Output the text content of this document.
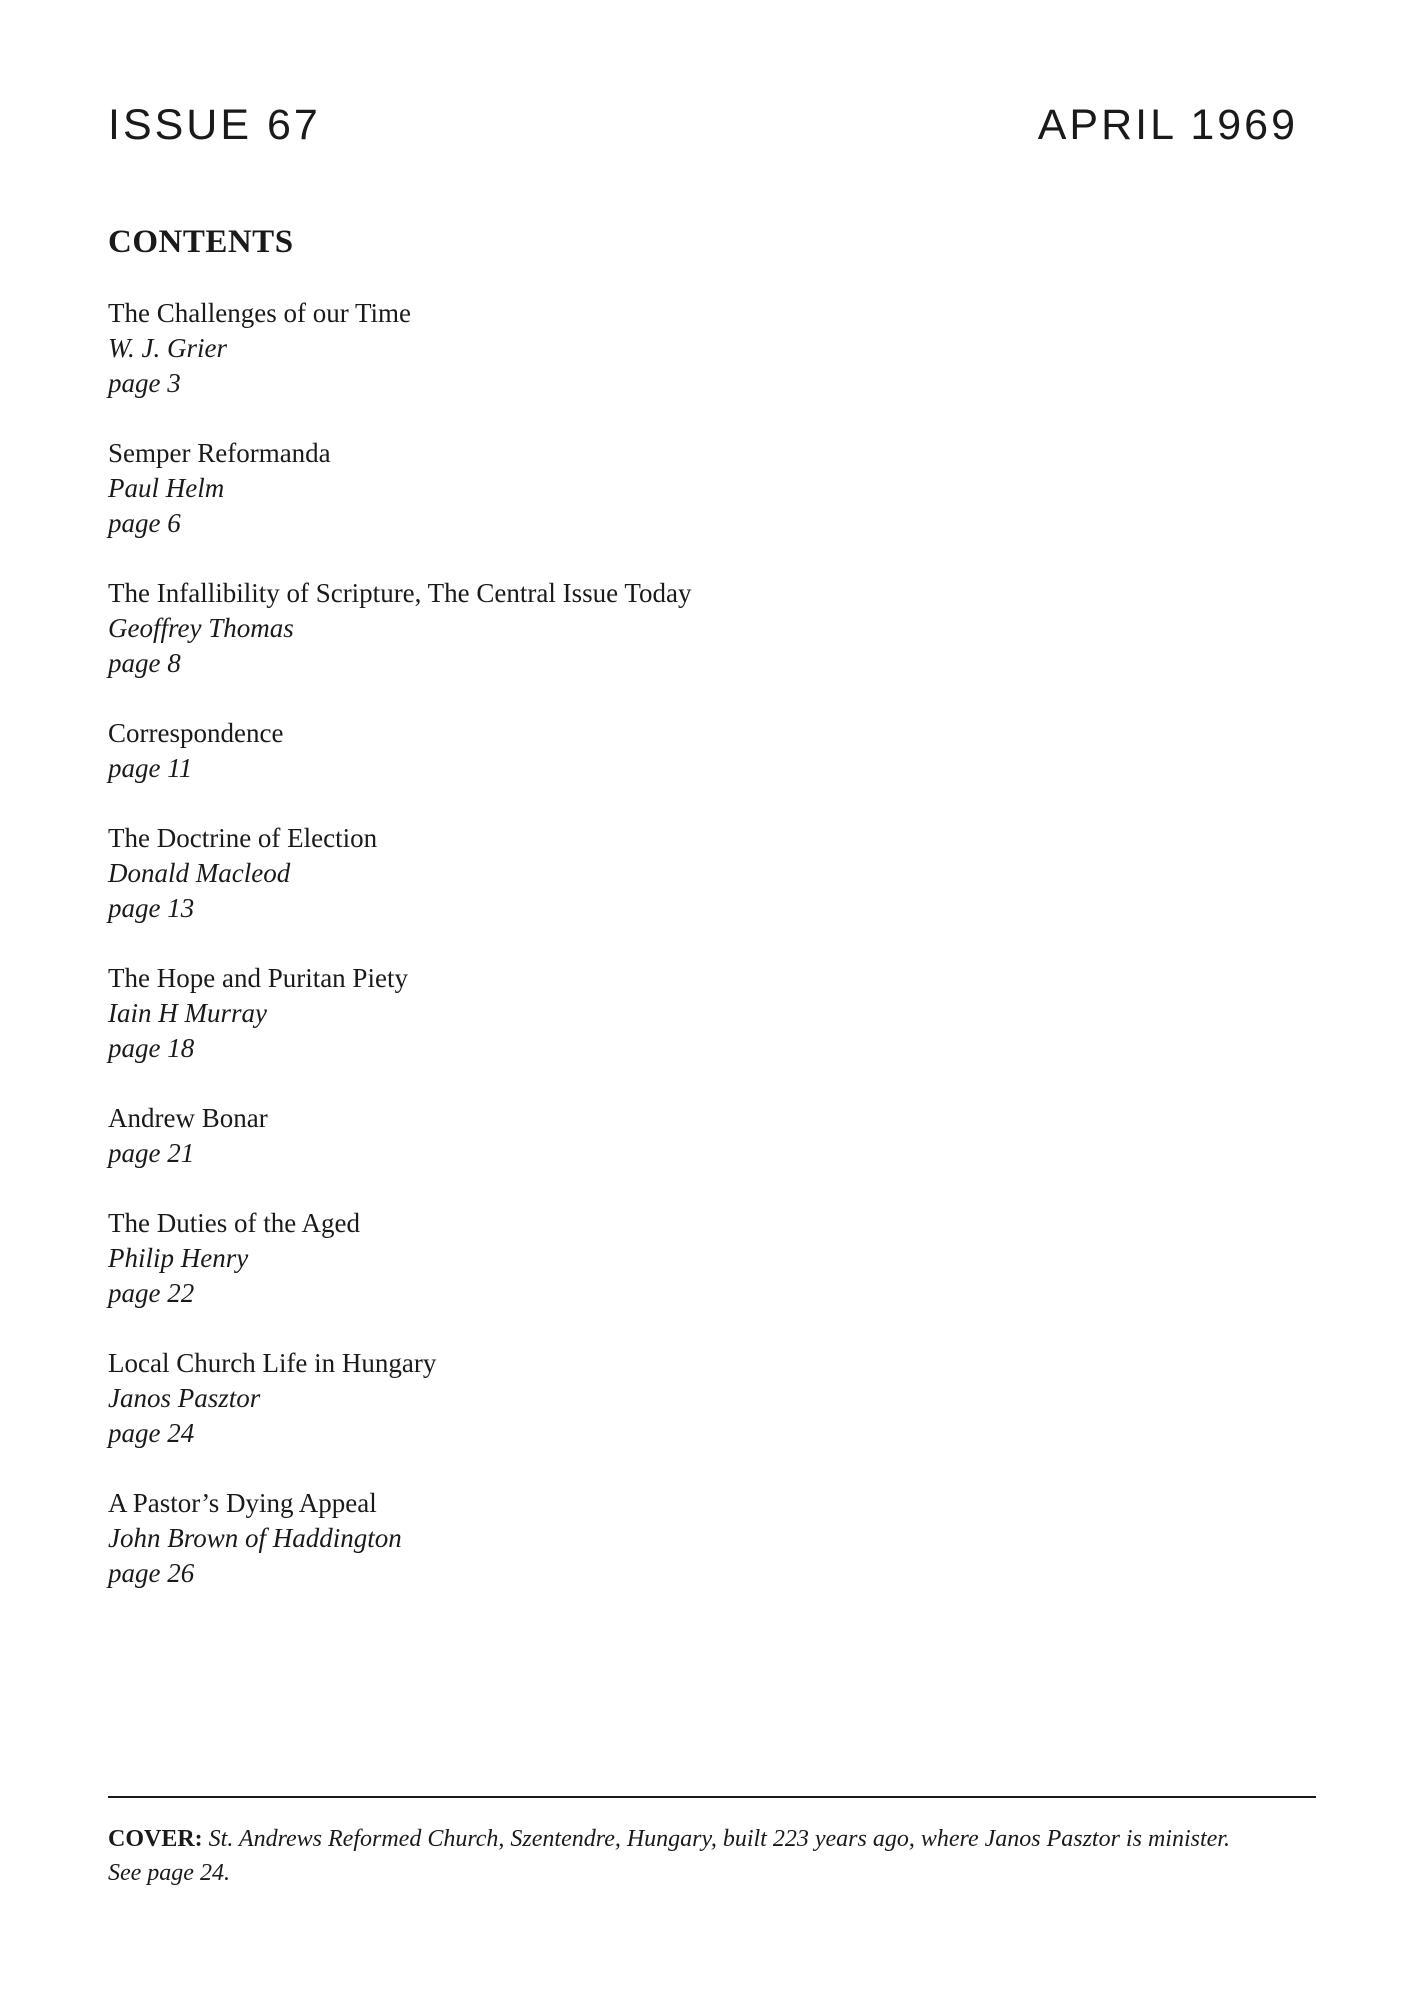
ISSUE 67	APRIL 1969
CONTENTS
The Challenges of our Time
W. J. Grier
page 3
Semper Reformanda
Paul Helm
page 6
The Infallibility of Scripture, The Central Issue Today
Geoffrey Thomas
page 8
Correspondence
page 11
The Doctrine of Election
Donald Macleod
page 13
The Hope and Puritan Piety
Iain H Murray
page 18
Andrew Bonar
page 21
The Duties of the Aged
Philip Henry
page 22
Local Church Life in Hungary
Janos Pasztor
page 24
A Pastor’s Dying Appeal
John Brown of Haddington
page 26

COVER: St. Andrews Reformed Church, Szentendre, Hungary, built 223 years ago, where Janos Pasztor is minister.
See page 24.
